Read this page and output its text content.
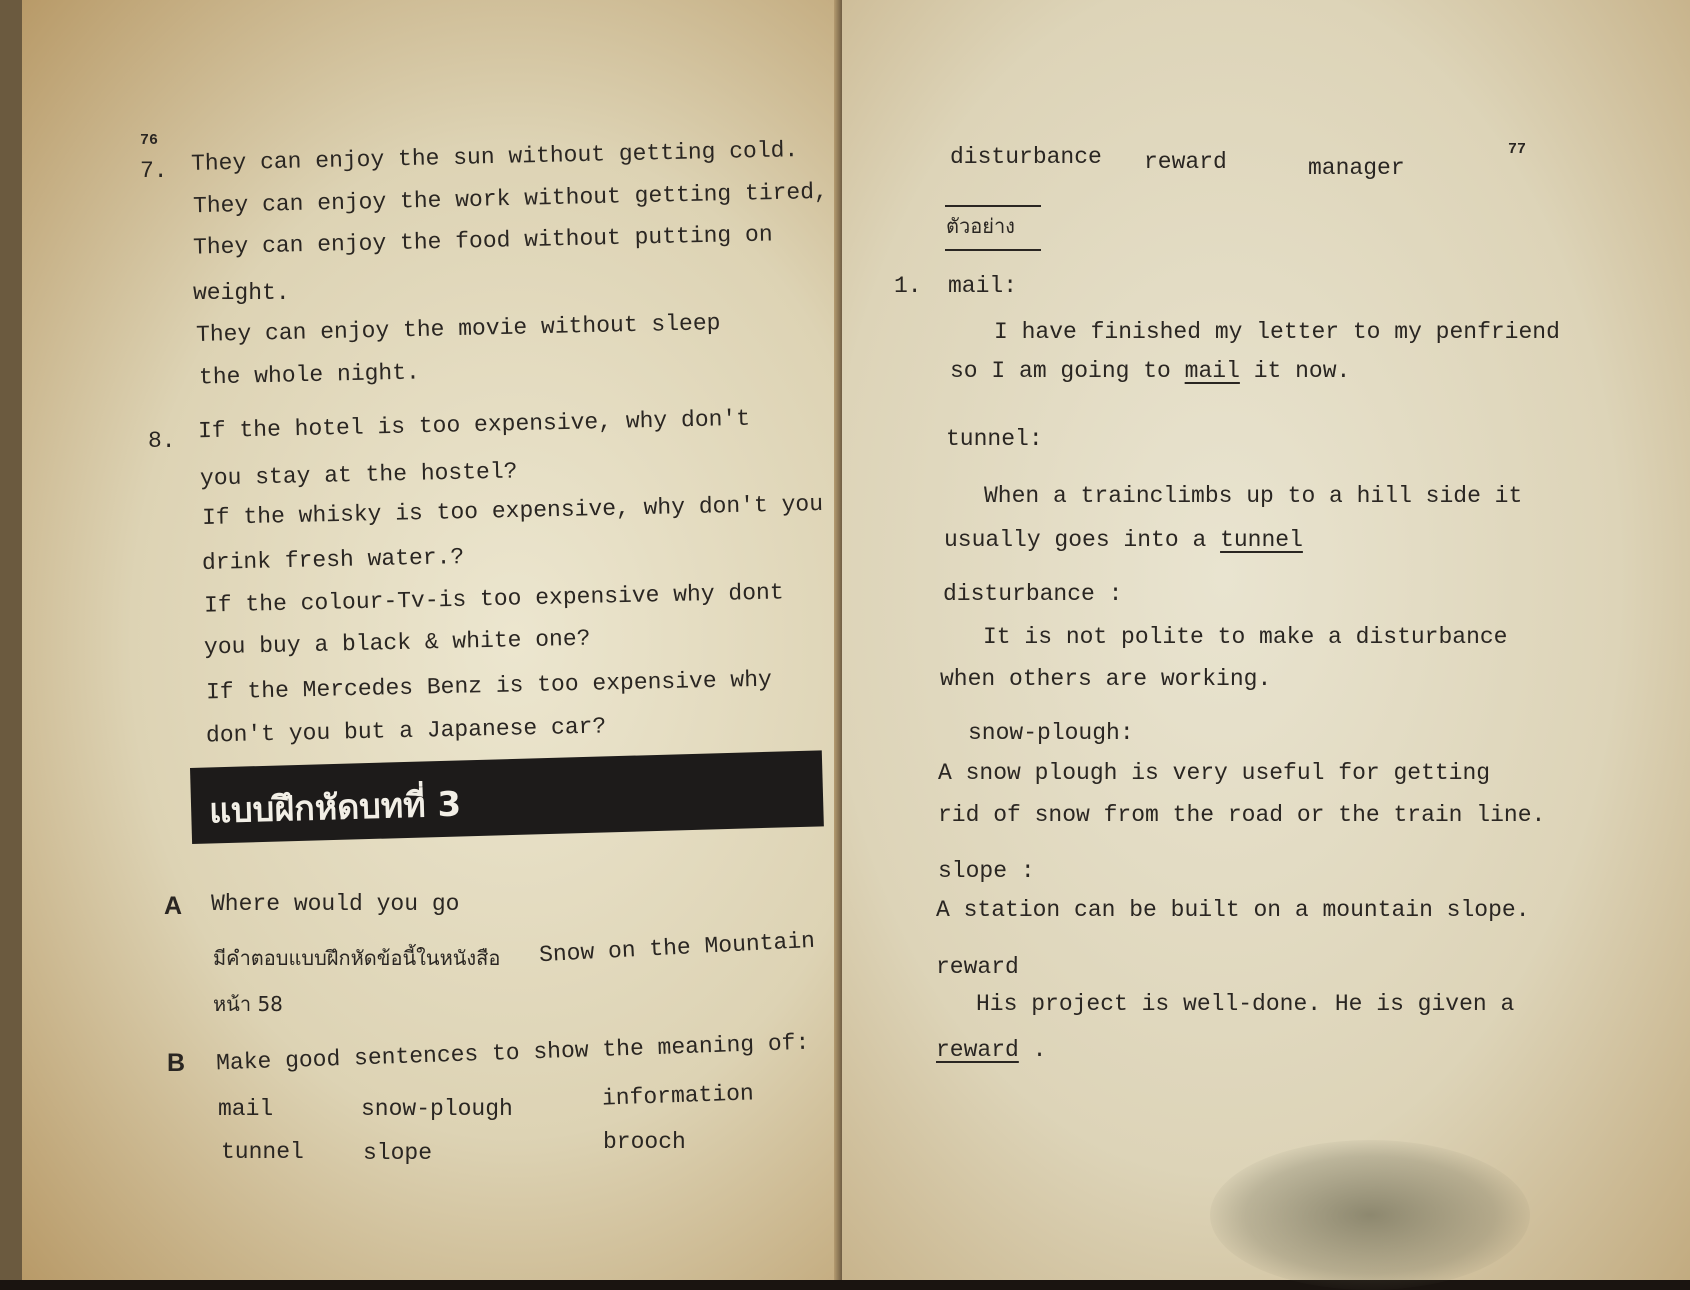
76
7. They can enjoy the sun without getting cold.
They can enjoy the work without getting tired,
They can enjoy the food without putting on
weight.
They can enjoy the movie without sleep
the whole night.
8. If the hotel is too expensive, why don't
you stay at the hostel?
If the whisky is too expensive, why don't you
drink fresh water.?
If the colour-Tv-is too expensive why dont
you buy a black & white one?
If the Mercedes Benz is too expensive why
don't you but a Japanese car?
แบบฝึกหัดบทที่ 3
A Where would you go
มีคำตอบแบบฝึกหัดข้อนี้ในหนังสือ Snow on the Mountain
หน้า 58
B Make good sentences to show the meaning of:
mail	snow-plough	information
tunnel	slope	brooch
77
disturbance reward	manager
ตัวอย่าง
1. mail:
I have finished my letter to my penfriend
so I am going to mail it now.
tunnel:
When a trainclimbs up to a hill side it
usually goes into a tunnel
disturbance :
It is not polite to make a disturbance
when others are working.
snow-plough:
A snow plough is very useful for getting
rid of snow from the road or the train line.
slope :
A station can be built on a mountain slope.
reward
His project is well-done. He is given a
reward .
